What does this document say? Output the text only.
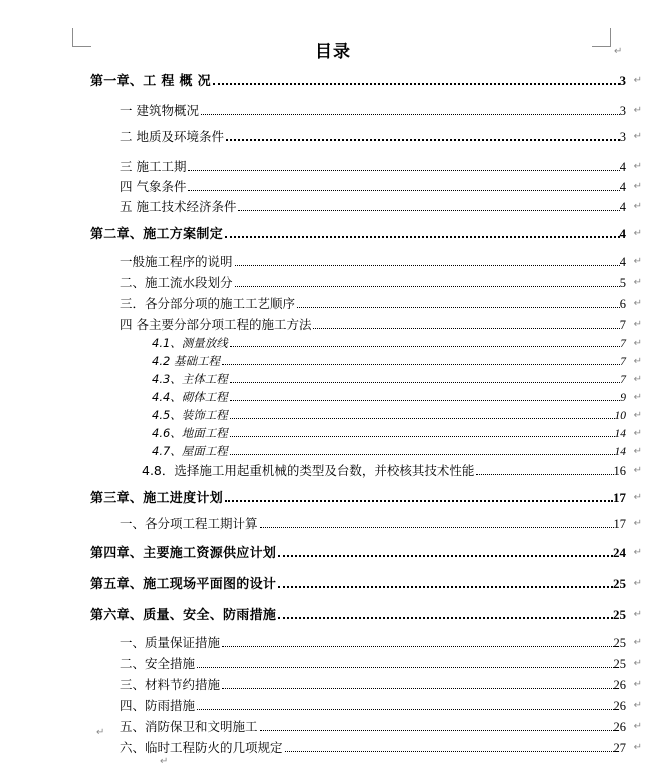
目录	↵
第一章、工 程 概 况	3 ↵
一 建筑物概况	3 ↵
二 地质及环境条件	3 ↵
三 施工工期	4 ↵
四 气象条件	4 ↵
五 施工技术经济条件	4 ↵
第二章、施工方案制定	4 ↵
一般施工程序的说明	4 ↵
二、施工流水段划分	5 ↵
三．各分部分项的施工工艺顺序	6 ↵
四 各主要分部分项工程的施工方法	7 ↵
4.1、测量放线	7 ↵
4.2 基础工程	7 ↵
4.3、主体工程	7 ↵
4.4、砌体工程	9 ↵
4.5、装饰工程	10 ↵
4.6、地面工程	14 ↵
4.7、屋面工程	14 ↵
4.8．选择施工用起重机械的类型及台数，并校核其技术性能	16 ↵
第三章、施工进度计划	17 ↵
一、各分项工程工期计算	17 ↵
第四章、主要施工资源供应计划	24 ↵
第五章、施工现场平面图的设计	25 ↵
第六章、质量、安全、防雨措施	25 ↵
一、质量保证措施	25 ↵
二、安全措施	25 ↵
三、材料节约措施	26 ↵
四、防雨措施	26 ↵
五、消防保卫和文明施工	26 ↵
六、临时工程防火的几项规定	27 ↵
↵
↵
